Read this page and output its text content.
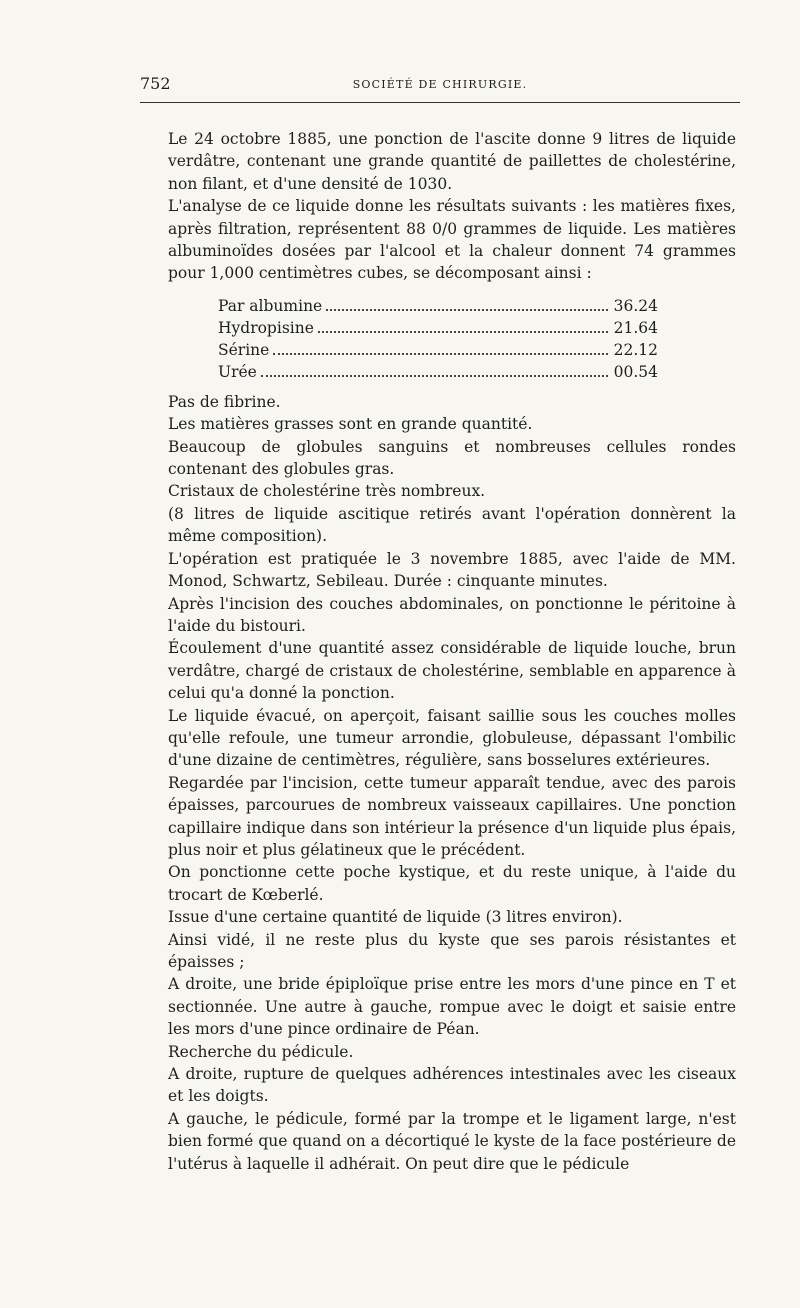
752	SOCIÉTÉ DE CHIRURGIE.

Le 24 octobre 1885, une ponction de l'ascite donne 9 litres de liquide verdâtre, contenant une grande quantité de paillettes de cholestérine, non filant, et d'une densité de 1030.

L'analyse de ce liquide donne les résultats suivants : les matières fixes, après filtration, représentent 88 0/0 grammes de liquide. Les matières albuminoïdes dosées par l'alcool et la chaleur donnent 74 grammes pour 1,000 centimètres cubes, se décomposant ainsi :

Par albumine	36.24
Hydropisine	21.64
Sérine	22.12
Urée	00.54

Pas de fibrine.

Les matières grasses sont en grande quantité.

Beaucoup de globules sanguins et nombreuses cellules rondes contenant des globules gras.

Cristaux de cholestérine très nombreux.

(8 litres de liquide ascitique retirés avant l'opération donnèrent la même composition).

L'opération est pratiquée le 3 novembre 1885, avec l'aide de MM. Monod, Schwartz, Sebileau. Durée : cinquante minutes.

Après l'incision des couches abdominales, on ponctionne le péritoine à l'aide du bistouri.

Écoulement d'une quantité assez considérable de liquide louche, brun verdâtre, chargé de cristaux de cholestérine, semblable en apparence à celui qu'a donné la ponction.

Le liquide évacué, on aperçoit, faisant saillie sous les couches molles qu'elle refoule, une tumeur arrondie, globuleuse, dépassant l'ombilic d'une dizaine de centimètres, régulière, sans bosselures extérieures.

Regardée par l'incision, cette tumeur apparaît tendue, avec des parois épaisses, parcourues de nombreux vaisseaux capillaires. Une ponction capillaire indique dans son intérieur la présence d'un liquide plus épais, plus noir et plus gélatineux que le précédent.

On ponctionne cette poche kystique, et du reste unique, à l'aide du trocart de Kœberlé.

Issue d'une certaine quantité de liquide (3 litres environ).

Ainsi vidé, il ne reste plus du kyste que ses parois résistantes et épaisses ;

A droite, une bride épiploïque prise entre les mors d'une pince en T et sectionnée. Une autre à gauche, rompue avec le doigt et saisie entre les mors d'une pince ordinaire de Péan.

Recherche du pédicule.

A droite, rupture de quelques adhérences intestinales avec les ciseaux et les doigts.

A gauche, le pédicule, formé par la trompe et le ligament large, n'est bien formé que quand on a décortiqué le kyste de la face postérieure de l'utérus à laquelle il adhérait. On peut dire que le pédicule
